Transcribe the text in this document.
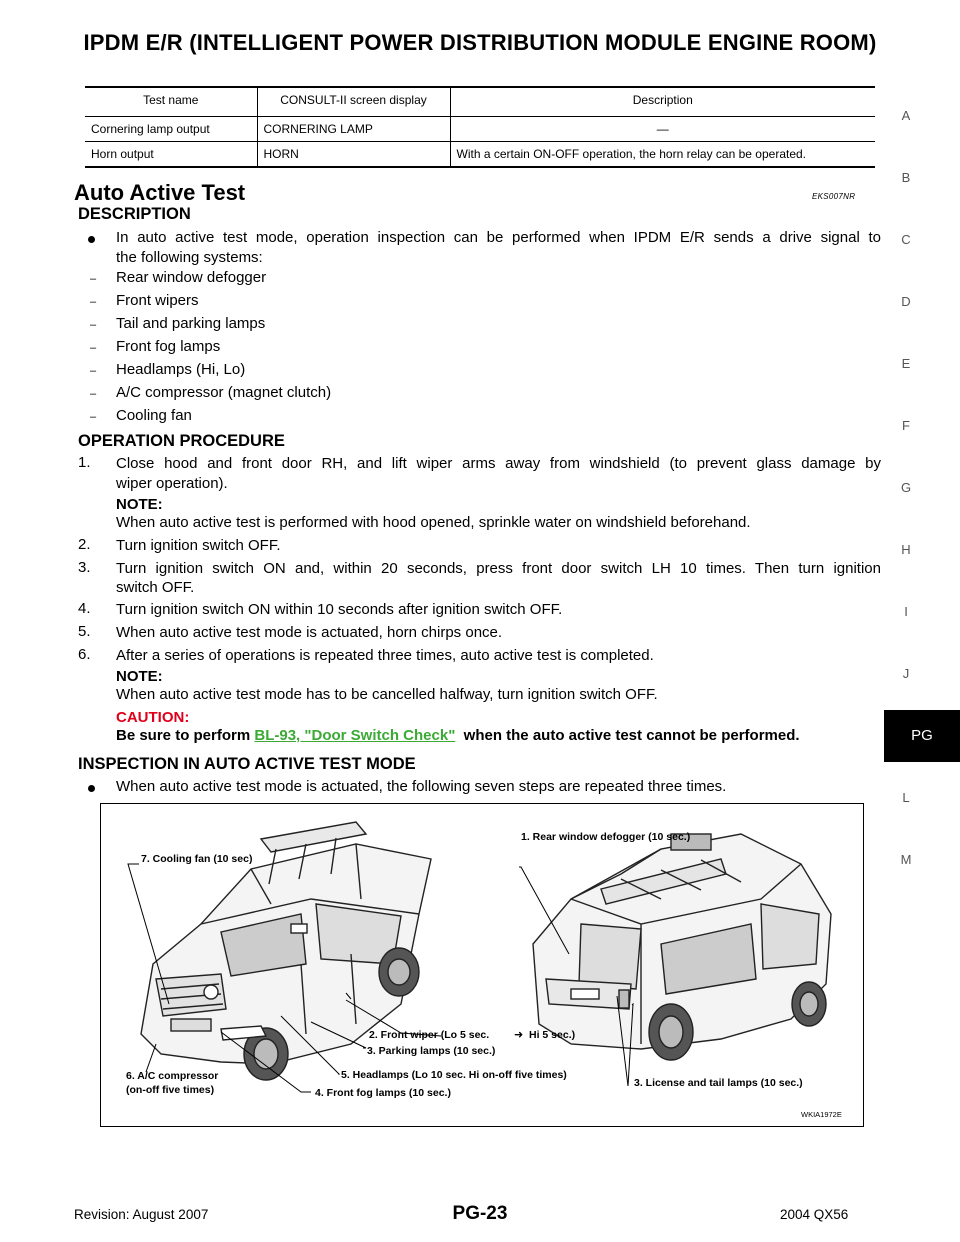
IPDM E/R (INTELLIGENT POWER DISTRIBUTION MODULE ENGINE ROOM)
A
B
C
D
E
F
G
H
I
J
PG
L
M
Test name	CONSULT-II screen display	Description
Cornering lamp output	CORNERING LAMP	—
Horn output	HORN	With a certain ON-OFF operation, the horn relay can be operated.
Auto Active Test	EKS007NR
DESCRIPTION
In auto active test mode, operation inspection can be performed when IPDM E/R sends a drive signal to
the following systems:
– Rear window defogger
– Front wipers
– Tail and parking lamps
– Front fog lamps
– Headlamps (Hi, Lo)
– A/C compressor (magnet clutch)
– Cooling fan
OPERATION PROCEDURE
1. Close hood and front door RH, and lift wiper arms away from windshield (to prevent glass damage by
wiper operation).
NOTE:
When auto active test is performed with hood opened, sprinkle water on windshield beforehand.
2. Turn ignition switch OFF.
3. Turn ignition switch ON and, within 20 seconds, press front door switch LH 10 times. Then turn ignition
switch OFF.
4. Turn ignition switch ON within 10 seconds after ignition switch OFF.
5. When auto active test mode is actuated, horn chirps once.
6. After a series of operations is repeated three times, auto active test is completed.
NOTE:
When auto active test mode has to be cancelled halfway, turn ignition switch OFF.
CAUTION:
Be sure to perform BL-93, "Door Switch Check"  when the auto active test cannot be performed.
INSPECTION IN AUTO ACTIVE TEST MODE
When auto active test mode is actuated, the following seven steps are repeated three times.
7. Cooling fan (10 sec)
1. Rear window defogger (10 sec.)
2. Front wiper (Lo 5 sec. ➜ Hi 5 sec.)
3. Parking lamps (10 sec.)
6. A/C compressor
(on-off five times)
5. Headlamps (Lo 10 sec. Hi on-off five times)
3. License and tail lamps (10 sec.)
4. Front fog lamps (10 sec.)
WKIA1972E
Revision: August 2007	PG-23	2004 QX56
